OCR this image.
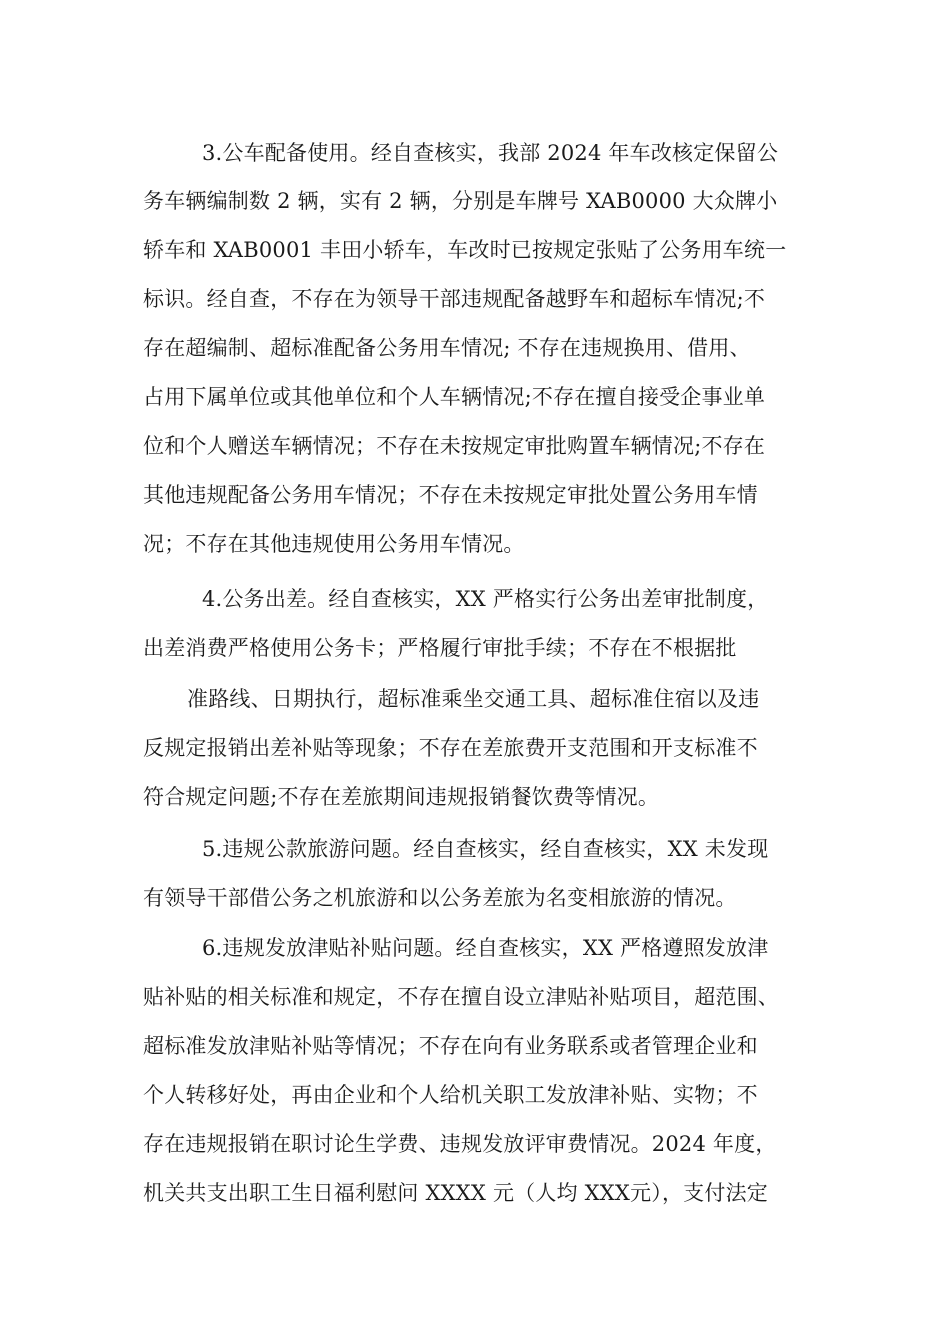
3.公车配备使用。经自查核实，我部 2024 年车改核定保留公
务车辆编制数 2 辆，实有 2 辆，分别是车牌号 XAB0000 大众牌小
轿车和 XAB0001 丰田小轿车，车改时已按规定张贴了公务用车统一
标识。经自查，不存在为领导干部违规配备越野车和超标车情况;不
存在超编制、超标准配备公务用车情况; 不存在违规换用、借用、
占用下属单位或其他单位和个人车辆情况;不存在擅自接受企事业单
位和个人赠送车辆情况；不存在未按规定审批购置车辆情况;不存在
其他违规配备公务用车情况；不存在未按规定审批处置公务用车情
况；不存在其他违规使用公务用车情况。
4.公务出差。经自查核实，XX 严格实行公务出差审批制度，
出差消费严格使用公务卡；严格履行审批手续；不存在不根据批
准路线、日期执行，超标准乘坐交通工具、超标准住宿以及违
反规定报销出差补贴等现象；不存在差旅费开支范围和开支标准不
符合规定问题;不存在差旅期间违规报销餐饮费等情况。
5.违规公款旅游问题。经自查核实，经自查核实，XX 未发现
有领导干部借公务之机旅游和以公务差旅为名变相旅游的情况。
6.违规发放津贴补贴问题。经自查核实，XX 严格遵照发放津
贴补贴的相关标准和规定，不存在擅自设立津贴补贴项目，超范围、
超标准发放津贴补贴等情况；不存在向有业务联系或者管理企业和
个人转移好处，再由企业和个人给机关职工发放津补贴、实物；不
存在违规报销在职讨论生学费、违规发放评审费情况。2024 年度，
机关共支出职工生日福利慰问 XXXX 元（人均 XXX元），支付法定
